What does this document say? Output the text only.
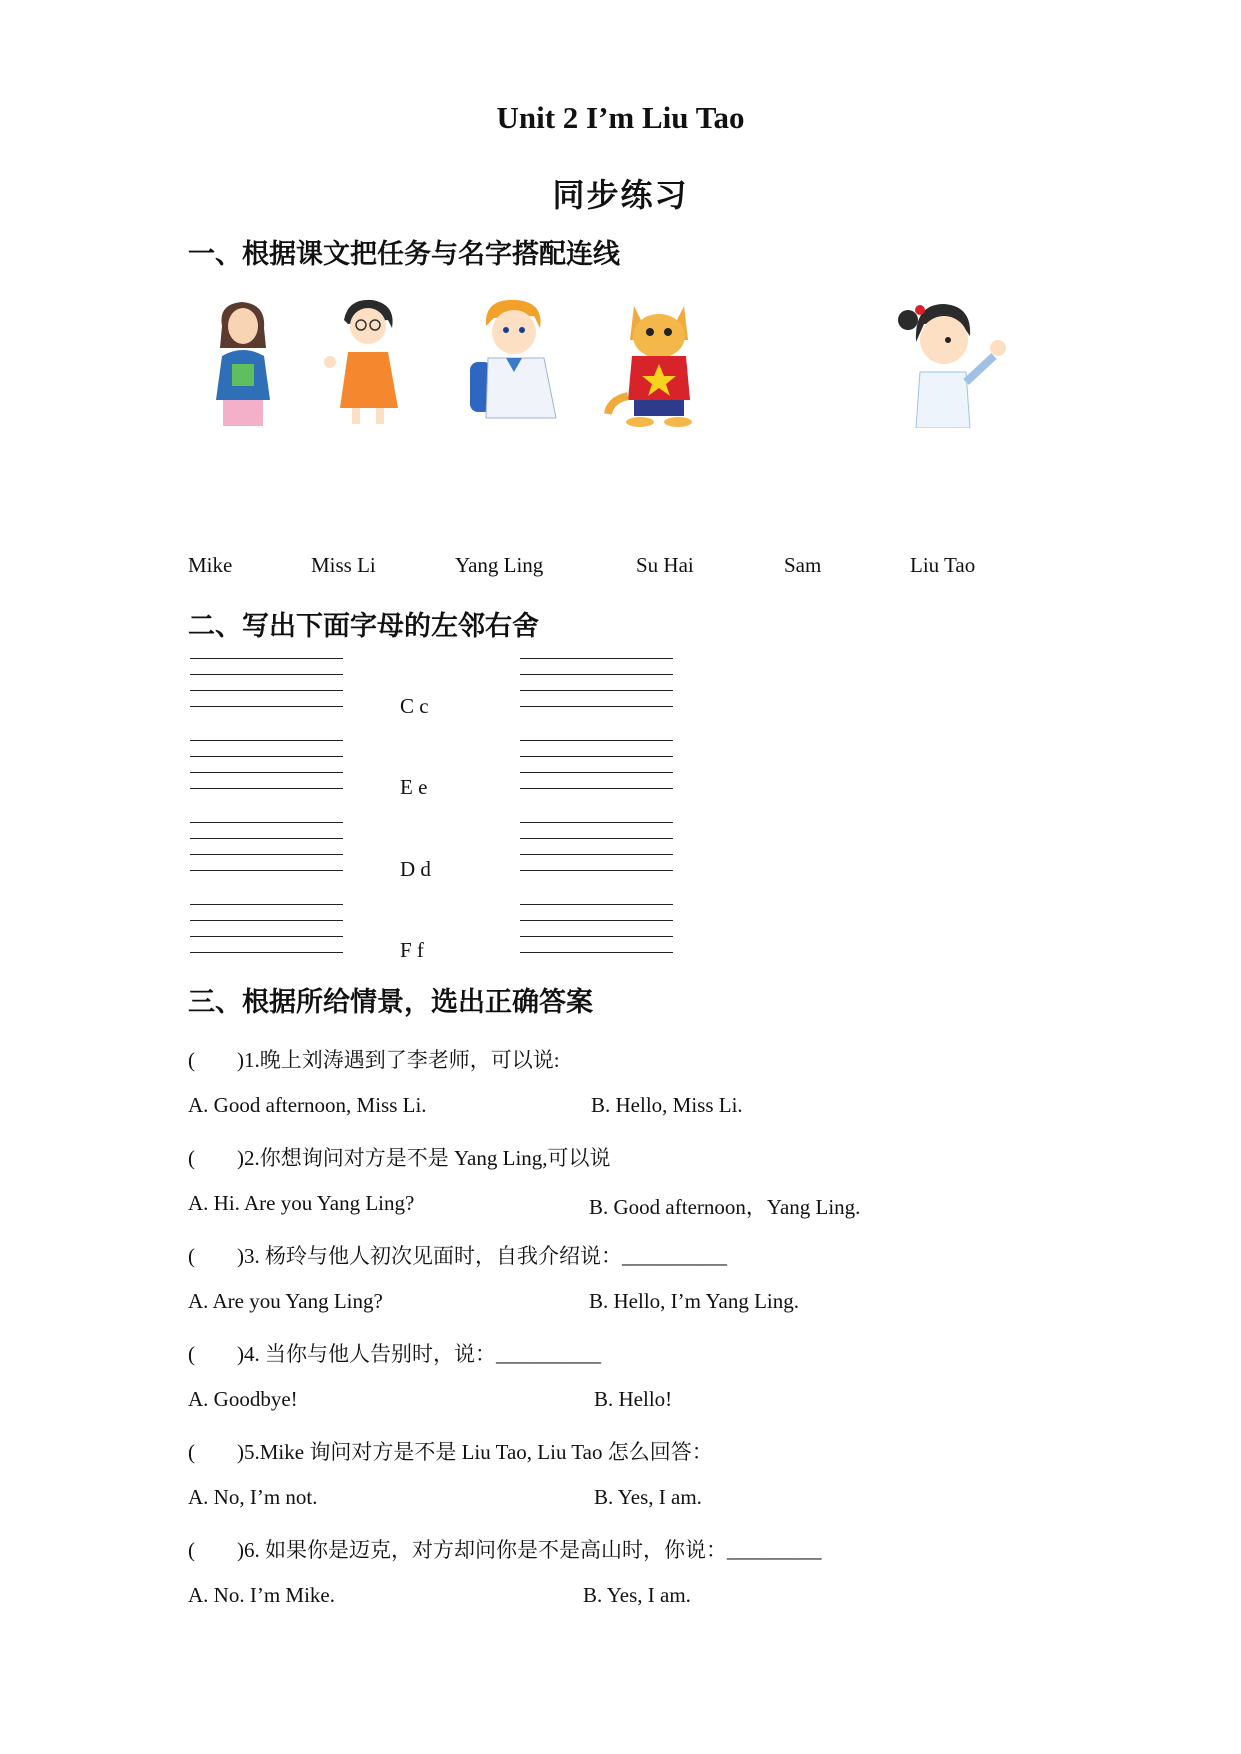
Unit 2 I’m Liu Tao
同步练习
一、根据课文把任务与名字搭配连线
Mike	Miss Li	Yang Ling	Su Hai	Sam	Liu Tao
二、写出下面字母的左邻右舍
C c
E e
D d
F f
三、根据所给情景，选出正确答案
(　　)1.晚上刘涛遇到了李老师，可以说:
A. Good afternoon, Miss Li.	B. Hello, Miss Li.
(　　)2.你想询问对方是不是 Yang Ling,可以说
A. Hi. Are you Yang Ling?	B. Good afternoon，Yang Ling.
(　　)3. 杨玲与他人初次见面时，自我介绍说：__________
A. Are you Yang Ling?	B. Hello, I’m Yang Ling.
(　　)4. 当你与他人告别时，说：__________
A. Goodbye!	B. Hello!
(　　)5.Mike 询问对方是不是 Liu Tao, Liu Tao 怎么回答：
A. No, I’m not.	B. Yes, I am.
(　　)6. 如果你是迈克，对方却问你是不是高山时，你说：_________
A. No. I’m Mike.	B. Yes, I am.
